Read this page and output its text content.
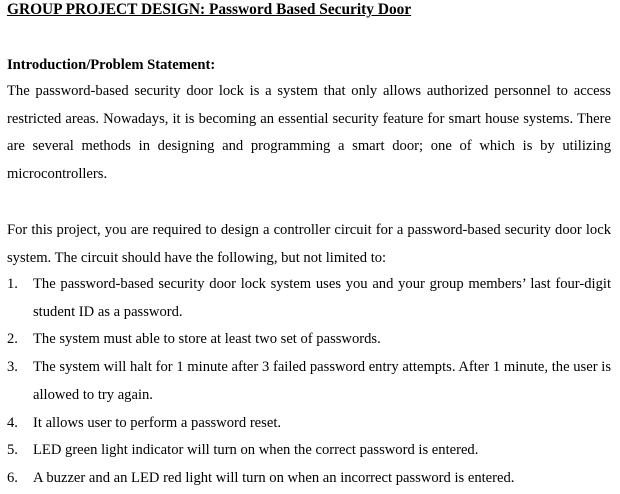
GROUP PROJECT DESIGN: Password Based Security Door
Introduction/Problem Statement:

The password-based security door lock is a system that only allows authorized personnel to access restricted areas. Nowadays, it is becoming an essential security feature for smart house systems. There are several methods in designing and programming a smart door; one of which is by utilizing microcontrollers.

For this project, you are required to design a controller circuit for a password-based security door lock system. The circuit should have the following, but not limited to:

1. The password-based security door lock system uses you and your group members’ last four-digit student ID as a password.
2. The system must able to store at least two set of passwords.
3. The system will halt for 1 minute after 3 failed password entry attempts. After 1 minute, the user is allowed to try again.
4. It allows user to perform a password reset.
5. LED green light indicator will turn on when the correct password is entered.
6. A buzzer and an LED red light will turn on when an incorrect password is entered.
